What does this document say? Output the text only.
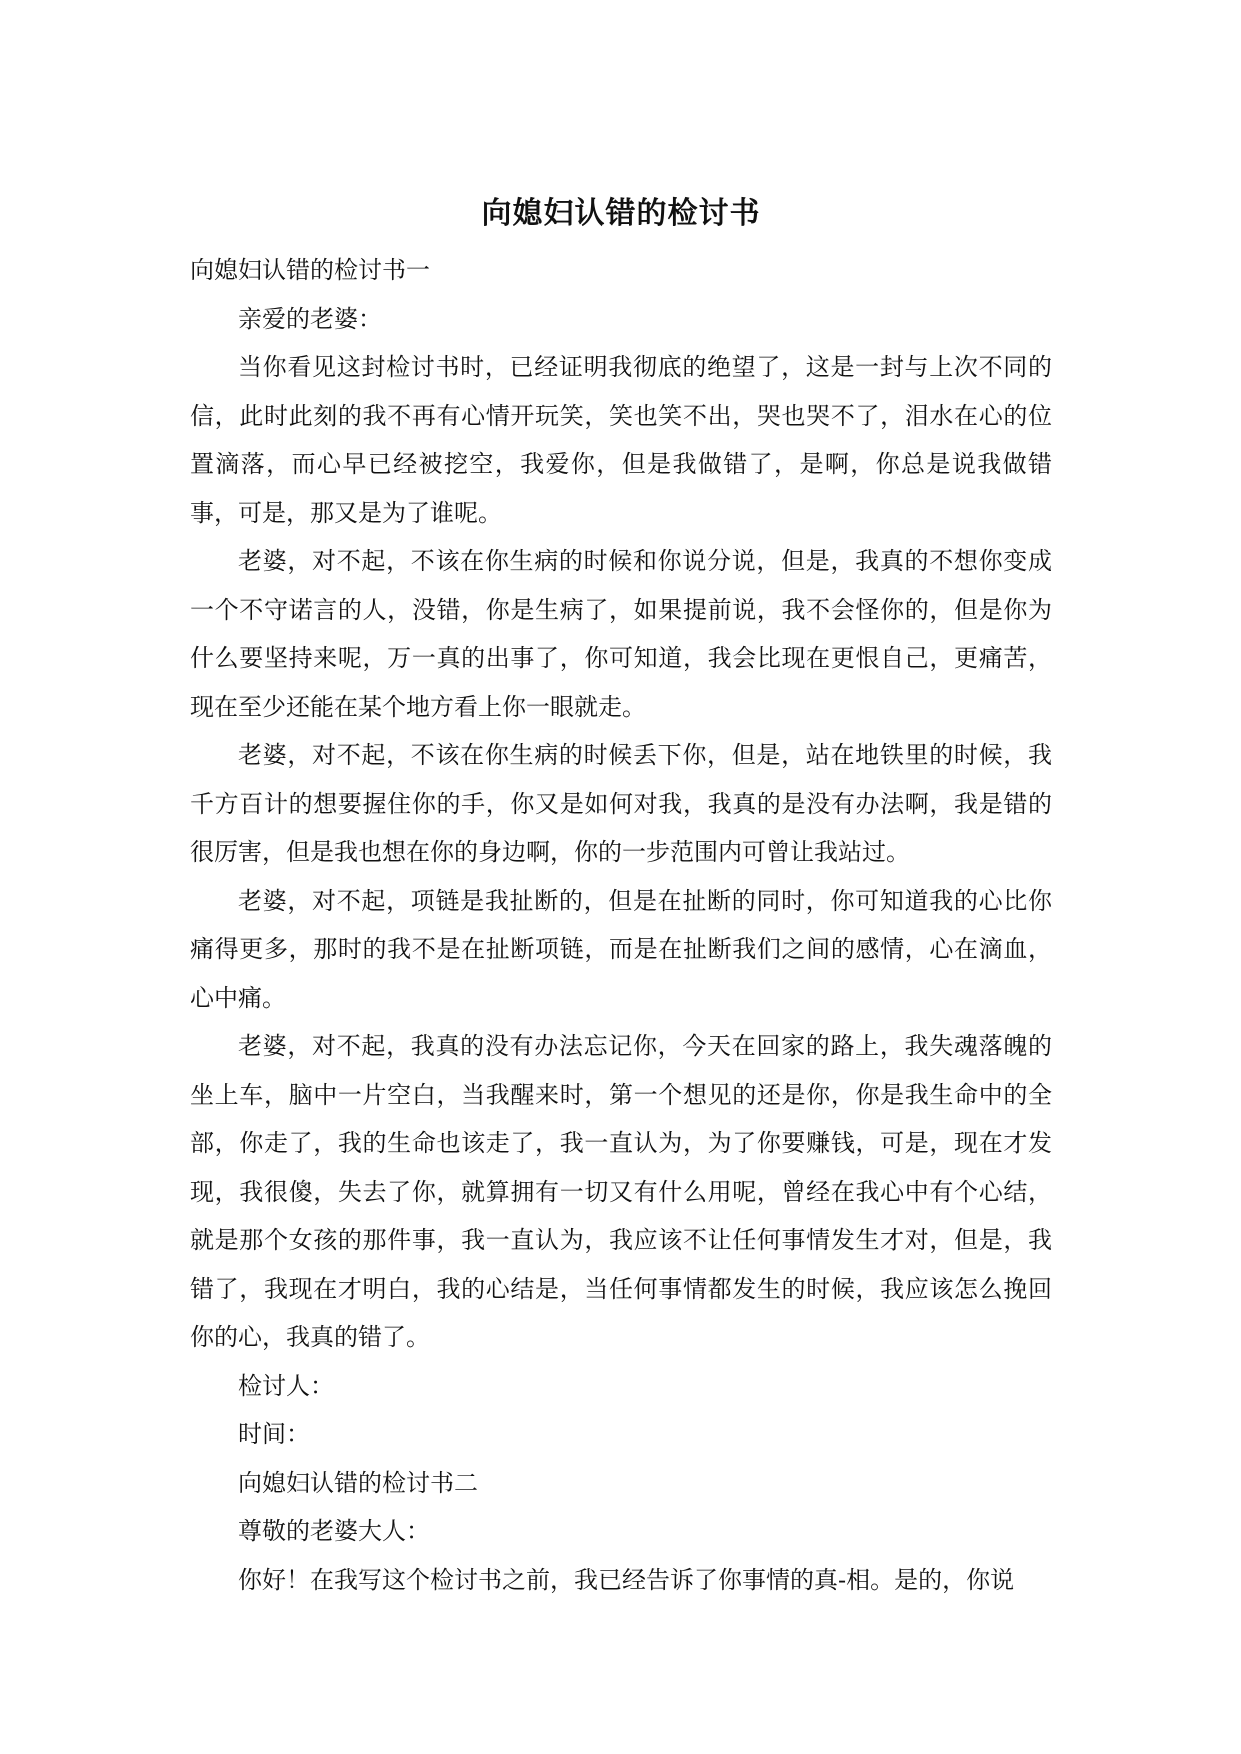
向媳妇认错的检讨书

向媳妇认错的检讨书一

亲爱的老婆：

当你看见这封检讨书时，已经证明我彻底的绝望了，这是一封与上次不同的信，此时此刻的我不再有心情开玩笑，笑也笑不出，哭也哭不了，泪水在心的位置滴落，而心早已经被挖空，我爱你，但是我做错了，是啊，你总是说我做错事，可是，那又是为了谁呢。

老婆，对不起，不该在你生病的时候和你说分说，但是，我真的不想你变成一个不守诺言的人，没错，你是生病了，如果提前说，我不会怪你的，但是你为什么要坚持来呢，万一真的出事了，你可知道，我会比现在更恨自己，更痛苦，现在至少还能在某个地方看上你一眼就走。

老婆，对不起，不该在你生病的时候丢下你，但是，站在地铁里的时候，我千方百计的想要握住你的手，你又是如何对我，我真的是没有办法啊，我是错的很厉害，但是我也想在你的身边啊，你的一步范围内可曾让我站过。

老婆，对不起，项链是我扯断的，但是在扯断的同时，你可知道我的心比你痛得更多，那时的我不是在扯断项链，而是在扯断我们之间的感情，心在滴血，心中痛。

老婆，对不起，我真的没有办法忘记你，今天在回家的路上，我失魂落魄的坐上车，脑中一片空白，当我醒来时，第一个想见的还是你，你是我生命中的全部，你走了，我的生命也该走了，我一直认为，为了你要赚钱，可是，现在才发现，我很傻，失去了你，就算拥有一切又有什么用呢，曾经在我心中有个心结，就是那个女孩的那件事，我一直认为，我应该不让任何事情发生才对，但是，我错了，我现在才明白，我的心结是，当任何事情都发生的时候，我应该怎么挽回你的心，我真的错了。

检讨人：

时间：

向媳妇认错的检讨书二

尊敬的老婆大人：

你好！在我写这个检讨书之前，我已经告诉了你事情的真-相。是的，你说
